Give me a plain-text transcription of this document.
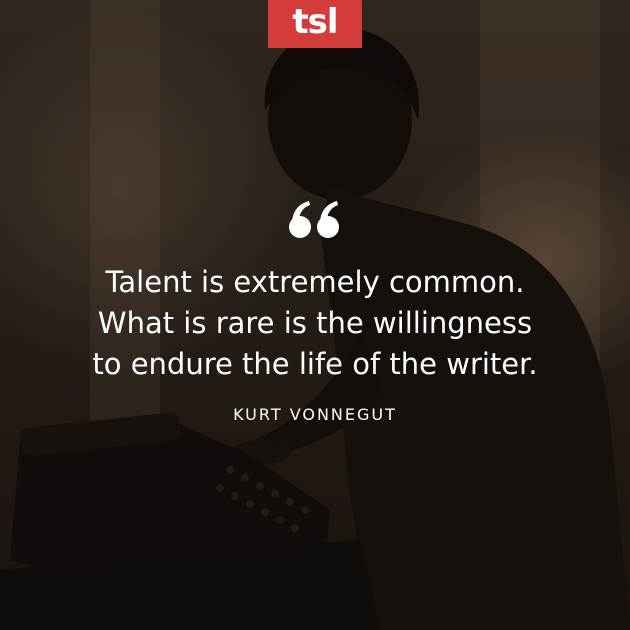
tsl
Talent is extremely common.
What is rare is the willingness
to endure the life of the writer.
KURT VONNEGUT
